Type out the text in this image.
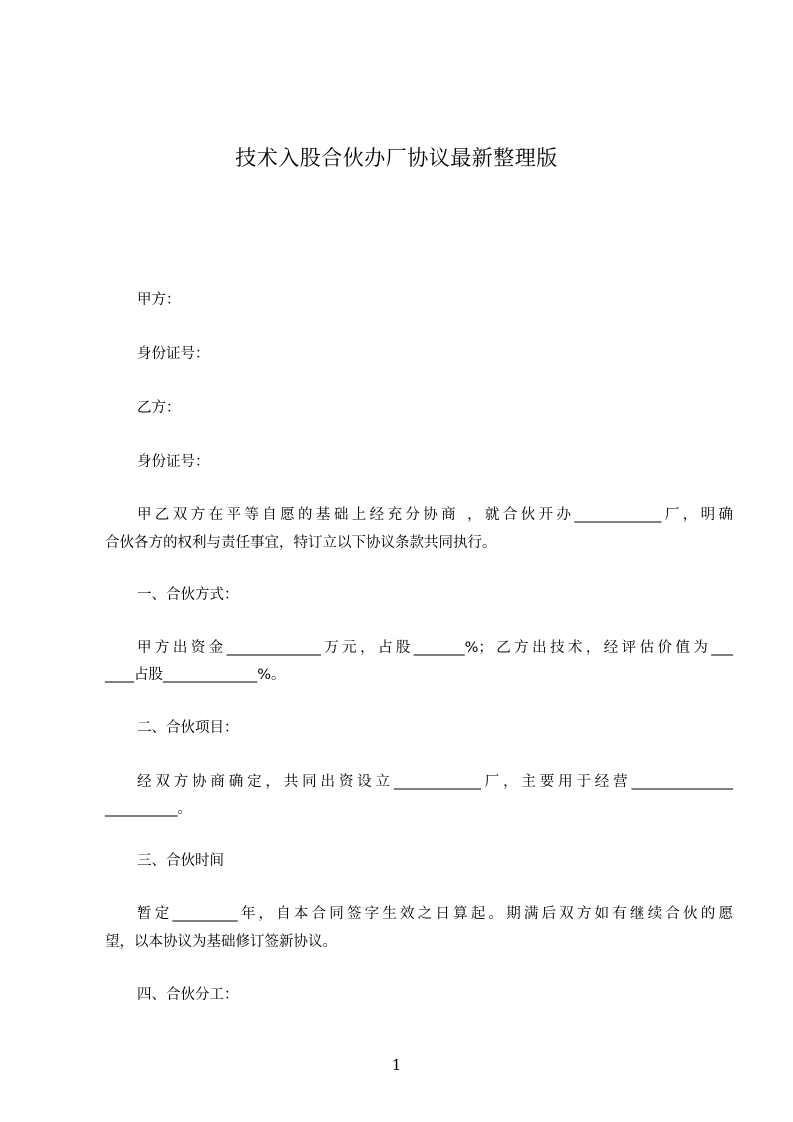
技术入股合伙办厂协议最新整理版

甲方：

身份证号：

乙方：

身份证号：

甲乙双方在平等自愿的基础上经充分协商 ，就合伙开办____________厂，明确

合伙各方的权利与责任事宜，特订立以下协议条款共同执行。

一、合伙方式：

甲方出资金_____________万元，占股_______%；乙方出技术，经评估价值为___

____占股_____________%。

二、合伙项目：

经双方协商确定，共同出资设立____________厂，主要用于经营______________

__________。

三、合伙时间

暂定_________年，自本合同签字生效之日算起。期满后双方如有继续合伙的愿

望，以本协议为基础修订签新协议。

四、合伙分工：

1
